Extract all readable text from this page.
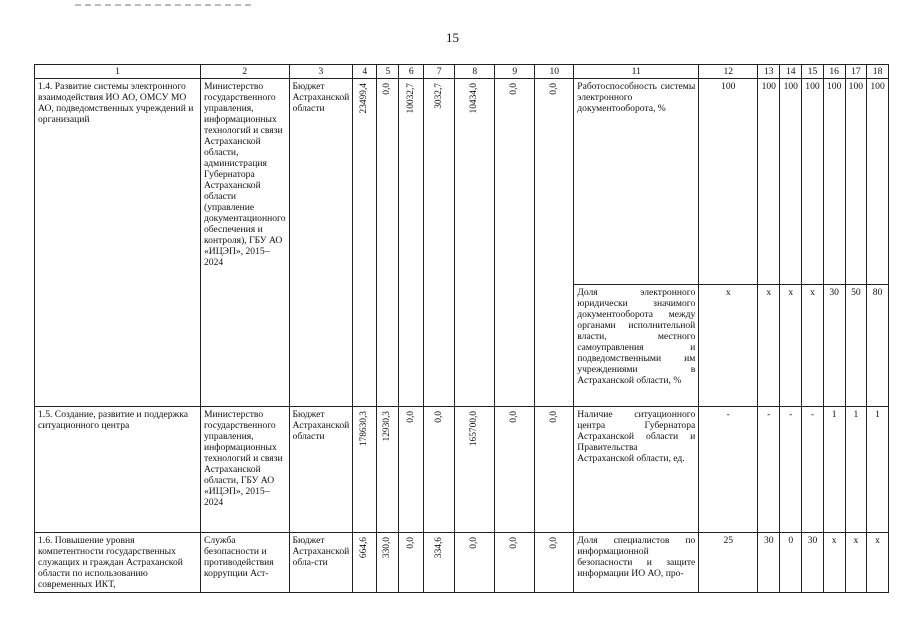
15
1	2	3	4	5	6	7	8	9	10	11	12	13	14	15	16	17	18
1.4. Развитие системы электронного взаимодействия ИО АО, ОМСУ МО АО, подведомственных учреждений и организаций	Министерство государственного управления, информационных технологий и связи Астраханской области, администрация Губернатора Астраханской области (управление документационного обеспечения и контроля), ГБУ АО «ИЦЭП», 2015–2024	Бюджет Астраханской области	23499,4	0,0	10032,7	3032,7	10434,0	0,0	0,0	Работоспособность системы электронного документооборота, %	100	100	100	100	100	100	100
										Доля электронного юридически значимого документооборота между органами исполнительной власти, местного самоуправления и подведомственными им учреждениями в Астраханской области, %	x	x	x	x	30	50	80
1.5. Создание, развитие и поддержка ситуационного центра	Министерство государственного управления, информационных технологий и связи Астраханской области, ГБУ АО «ИЦЭП», 2015–2024	Бюджет Астраханской области	178630,3	12930,3	0,0	0,0	165700,0	0,0	0,0	Наличие ситуационного центра Губернатора Астраханской области и Правительства Астраханской области, ед.	-	-	-	-	1	1	1
1.6. Повышение уровня компетентности государственных служащих и граждан Астраханской области по использованию современных ИКТ,	Служба безопасности и противодействия коррупции Аст-	Бюджет Астраханской обла-сти	664,6	330,0	0,0	334,6	0,0	0,0	0,0	Доля специалистов по информационной безопасности и защите информации ИО АО, про-	25	30	0	30	x	x	x
